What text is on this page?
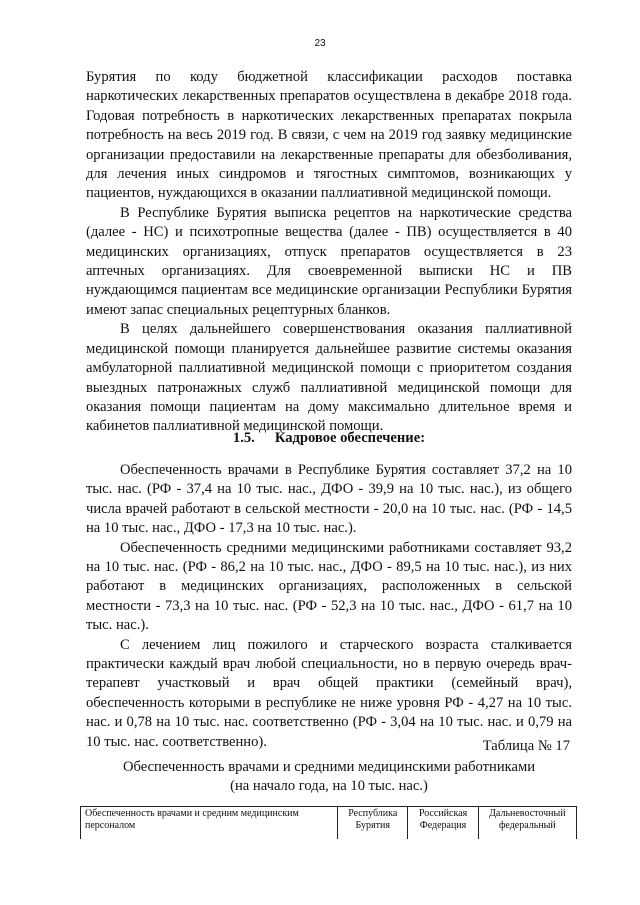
23

Бурятия по коду бюджетной классификации расходов поставка наркотических лекарственных препаратов осуществлена в декабре 2018 года. Годовая потребность в наркотических лекарственных препаратах покрыла потребность на весь 2019 год. В связи, с чем на 2019 год заявку медицинские организации предоставили на лекарственные препараты для обезболивания, для лечения иных синдромов и тягостных симптомов, возникающих у пациентов, нуждающихся в оказании паллиативной медицинской помощи.

В Республике Бурятия выписка рецептов на наркотические средства (далее - НС) и психотропные вещества (далее - ПВ) осуществляется в 40 медицинских организациях, отпуск препаратов осуществляется в 23 аптечных организациях. Для своевременной выписки НС и ПВ нуждающимся пациентам все медицинские организации Республики Бурятия имеют запас специальных рецептурных бланков.

В целях дальнейшего совершенствования оказания паллиативной медицинской помощи планируется дальнейшее развитие системы оказания амбулаторной паллиативной медицинской помощи с приоритетом создания выездных патронажных служб паллиативной медицинской помощи для оказания помощи пациентам на дому максимально длительное время и кабинетов паллиативной медицинской помощи.

1.5. Кадровое обеспечение:

Обеспеченность врачами в Республике Бурятия составляет 37,2 на 10 тыс. нас. (РФ - 37,4 на 10 тыс. нас., ДФО - 39,9 на 10 тыс. нас.), из общего числа врачей работают в сельской местности - 20,0 на 10 тыс. нас. (РФ - 14,5 на 10 тыс. нас., ДФО - 17,3 на 10 тыс. нас.).

Обеспеченность средними медицинскими работниками составляет 93,2 на 10 тыс. нас. (РФ - 86,2 на 10 тыс. нас., ДФО - 89,5 на 10 тыс. нас.), из них работают в медицинских организациях, расположенных в сельской местности - 73,3 на 10 тыс. нас. (РФ - 52,3 на 10 тыс. нас., ДФО - 61,7 на 10 тыс. нас.).

С лечением лиц пожилого и старческого возраста сталкивается практически каждый врач любой специальности, но в первую очередь врач-терапевт участковый и врач общей практики (семейный врач), обеспеченность которыми в республике не ниже уровня РФ - 4,27 на 10 тыс. нас. и 0,78 на 10 тыс. нас. соответственно (РФ - 3,04 на 10 тыс. нас. и 0,79 на 10 тыс. нас. соответственно).	Таблица № 17
Обеспеченность врачами и средними медицинскими работниками
(на начало года, на 10 тыс. нас.)
Обеспеченность врачами и средним медицинским персоналом	Республика Бурятия	Российская Федерация	Дальневосточный федеральный
